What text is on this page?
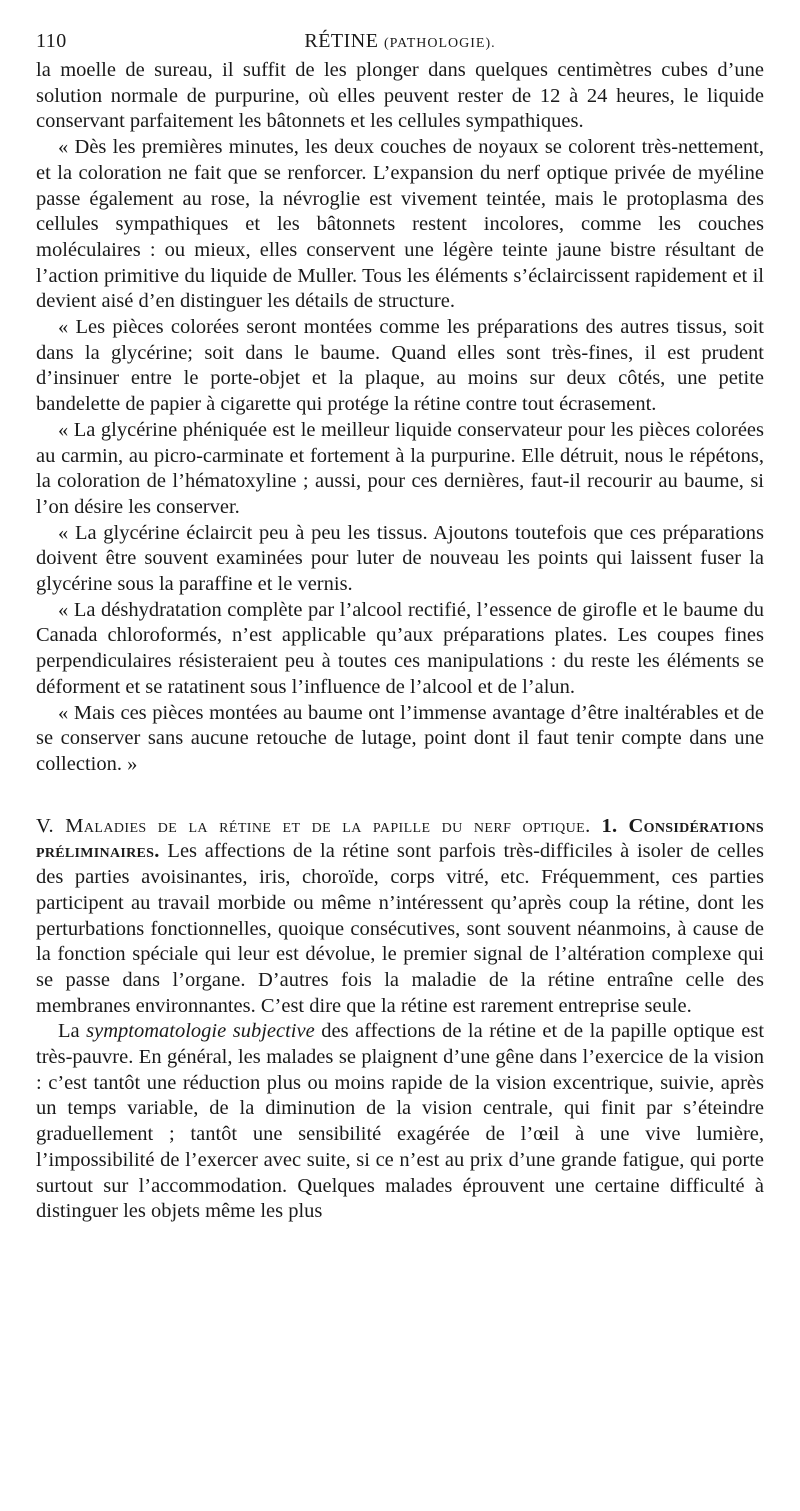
110	RÉTINE (PATHOLOGIE).

la moelle de sureau, il suffit de les plonger dans quelques centimètres cubes d’une solution normale de purpurine, où elles peuvent rester de 12 à 24 heures, le liquide conservant parfaitement les bâtonnets et les cellules sympathiques.

« Dès les premières minutes, les deux couches de noyaux se colorent très-nettement, et la coloration ne fait que se renforcer. L’expansion du nerf optique privée de myéline passe également au rose, la névroglie est vivement teintée, mais le protoplasma des cellules sympathiques et les bâtonnets restent incolores, comme les couches moléculaires : ou mieux, elles conservent une légère teinte jaune bistre résultant de l’action primitive du liquide de Muller. Tous les éléments s’éclaircissent rapidement et il devient aisé d’en distinguer les détails de structure.

« Les pièces colorées seront montées comme les préparations des autres tissus, soit dans la glycérine; soit dans le baume. Quand elles sont très-fines, il est prudent d’insinuer entre le porte-objet et la plaque, au moins sur deux côtés, une petite bandelette de papier à cigarette qui protége la rétine contre tout écrasement.

« La glycérine phéniquée est le meilleur liquide conservateur pour les pièces colorées au carmin, au picro-carminate et fortement à la purpurine. Elle détruit, nous le répétons, la coloration de l’hématoxyline ; aussi, pour ces dernières, faut-il recourir au baume, si l’on désire les conserver.

« La glycérine éclaircit peu à peu les tissus. Ajoutons toutefois que ces préparations doivent être souvent examinées pour luter de nouveau les points qui laissent fuser la glycérine sous la paraffine et le vernis.

« La déshydratation complète par l’alcool rectifié, l’essence de girofle et le baume du Canada chloroformés, n’est applicable qu’aux préparations plates. Les coupes fines perpendiculaires résisteraient peu à toutes ces manipulations : du reste les éléments se déforment et se ratatinent sous l’influence de l’alcool et de l’alun.

« Mais ces pièces montées au baume ont l’immense avantage d’être inaltérables et de se conserver sans aucune retouche de lutage, point dont il faut tenir compte dans une collection. »

V. Maladies de la rétine et de la papille du nerf optique. 1. Considérations préliminaires. Les affections de la rétine sont parfois très-difficiles à isoler de celles des parties avoisinantes, iris, choroïde, corps vitré, etc. Fréquemment, ces parties participent au travail morbide ou même n’intéressent qu’après coup la rétine, dont les perturbations fonctionnelles, quoique consécutives, sont souvent néanmoins, à cause de la fonction spéciale qui leur est dévolue, le premier signal de l’altération complexe qui se passe dans l’organe. D’autres fois la maladie de la rétine entraîne celle des membranes environnantes. C’est dire que la rétine est rarement entreprise seule.

La symptomatologie subjective des affections de la rétine et de la papille optique est très-pauvre. En général, les malades se plaignent d’une gêne dans l’exercice de la vision : c’est tantôt une réduction plus ou moins rapide de la vision excentrique, suivie, après un temps variable, de la diminution de la vision centrale, qui finit par s’éteindre graduellement ; tantôt une sensibilité exagérée de l’œil à une vive lumière, l’impossibilité de l’exercer avec suite, si ce n’est au prix d’une grande fatigue, qui porte surtout sur l’accommodation. Quelques malades éprouvent une certaine difficulté à distinguer les objets même les plus
